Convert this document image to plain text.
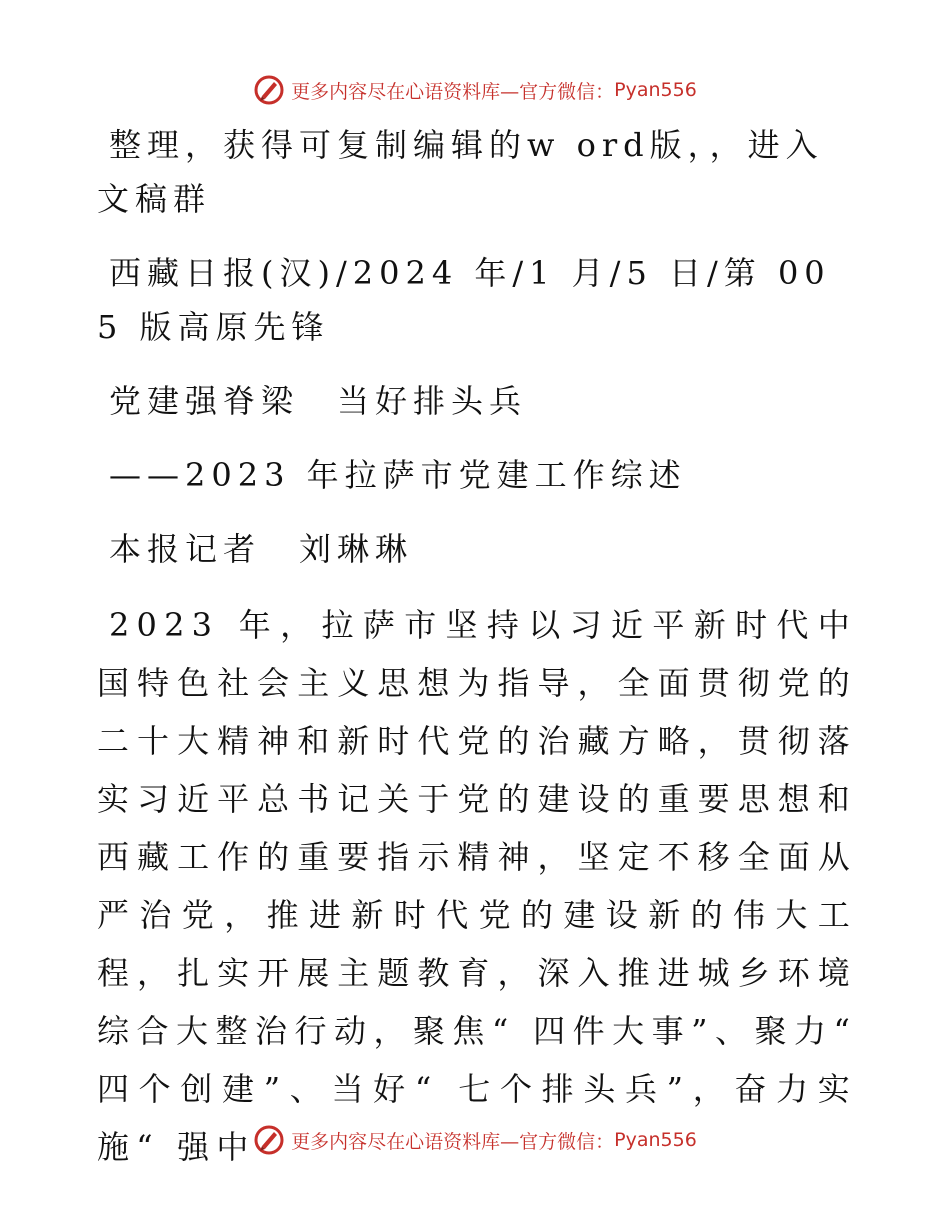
更多内容尽在心语资料库—官方微信： Pyan556

整理，获得可复制编辑的w ord版，，进入文稿群

西藏日报(汉)/2024 年/1 月/5 日/第 005 版高原先锋

党建强脊梁　当好排头兵

——2023 年拉萨市党建工作综述

本报记者　刘琳琳

2023 年，拉萨市坚持以习近平新时代中国特色社会主义思想为指导，全面贯彻党的二十大精神和新时代党的治藏方略，贯彻落实习近平总书记关于党的建设的重要思想和西藏工作的重要指示精神，坚定不移全面从严治党，推进新时代党的建设新的伟大工程，扎实开展主题教育，深入推进城乡环境综合大整治行动，聚焦“ 四件大事”、聚力“ 四个创建”、当好“ 七个排头兵”，奋力实施“ 强中	更多内容尽在心语资料库—官方微信： Pyan556
